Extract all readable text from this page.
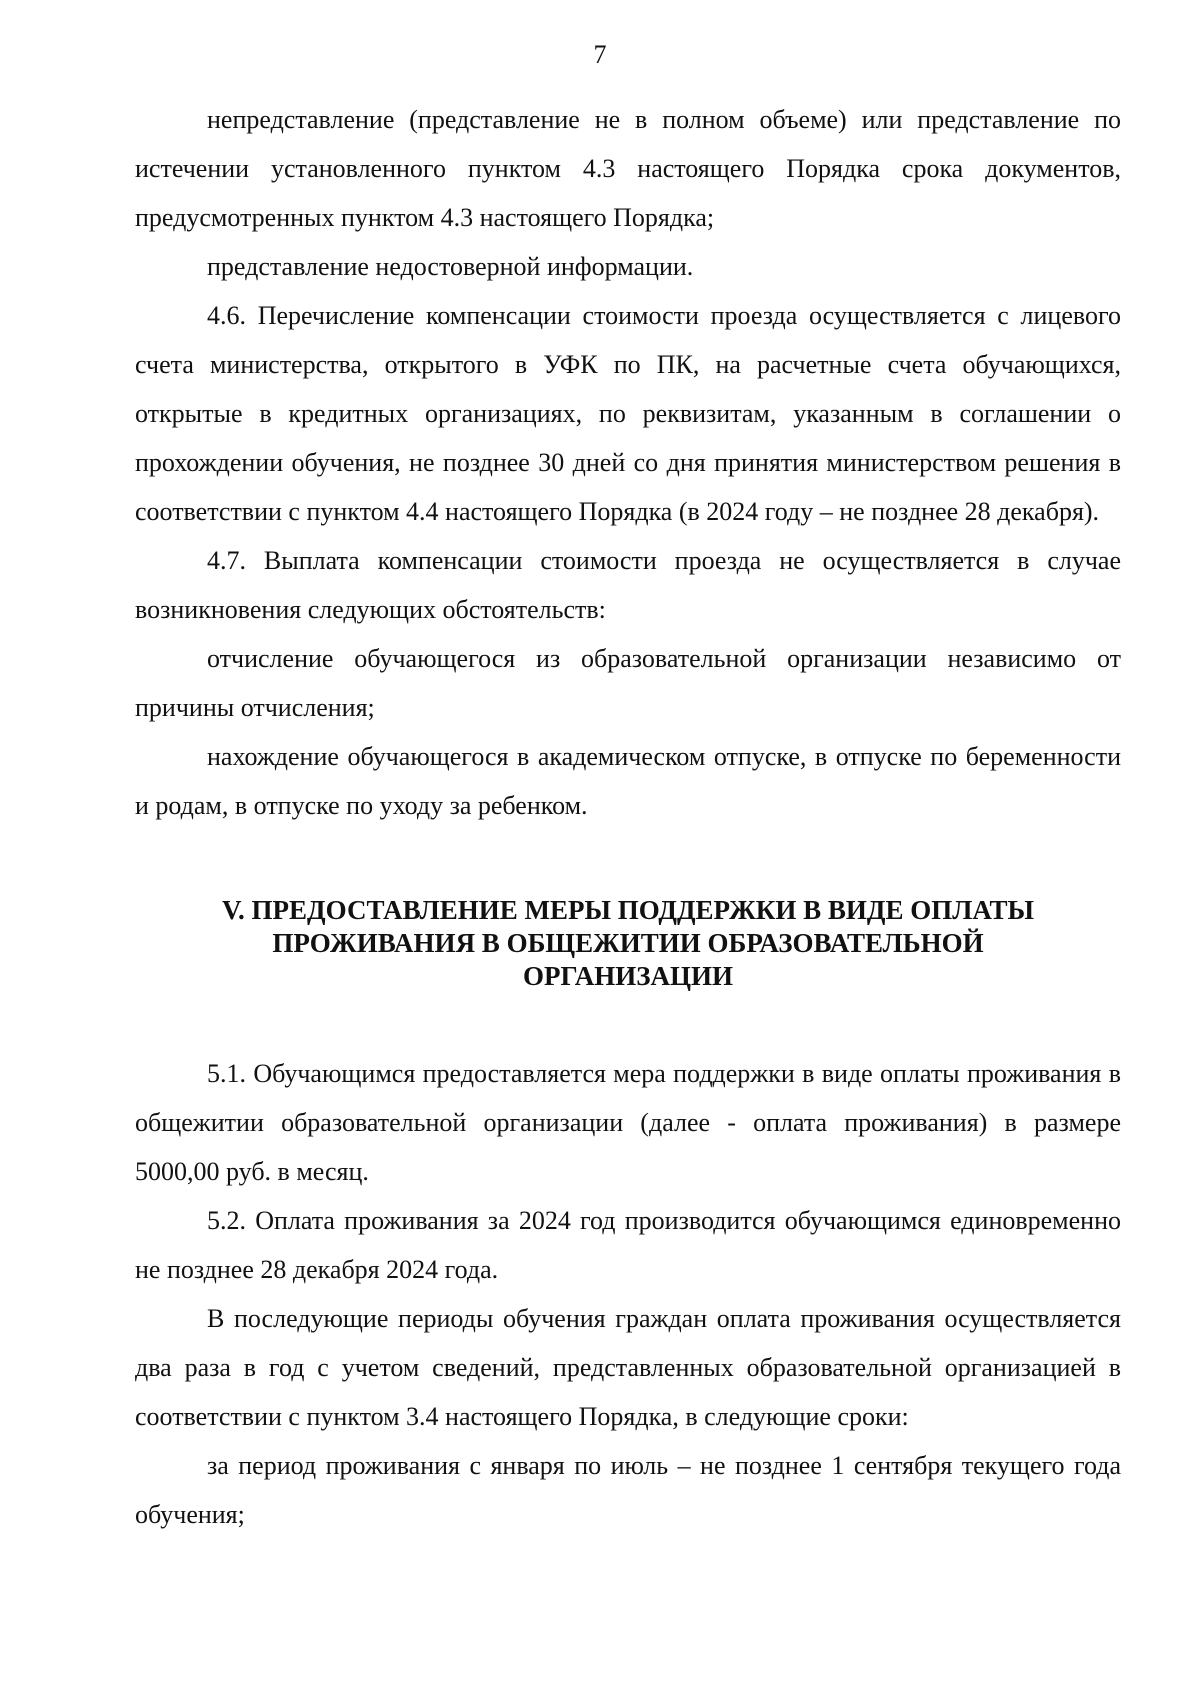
7

непредставление (представление не в полном объеме) или представление по истечении установленного пунктом 4.3 настоящего Порядка срока документов, предусмотренных пунктом 4.3 настоящего Порядка;

представление недостоверной информации.

4.6. Перечисление компенсации стоимости проезда осуществляется с лицевого счета министерства, открытого в УФК по ПК, на расчетные счета обучающихся, открытые в кредитных организациях, по реквизитам, указанным в соглашении о прохождении обучения, не позднее 30 дней со дня принятия министерством решения в соответствии с пунктом 4.4 настоящего Порядка (в 2024 году – не позднее 28 декабря).

4.7. Выплата компенсации стоимости проезда не осуществляется в случае возникновения следующих обстоятельств:

отчисление обучающегося из образовательной организации независимо от причины отчисления;

нахождение обучающегося в академическом отпуске, в отпуске по беременности и родам, в отпуске по уходу за ребенком.

V. ПРЕДОСТАВЛЕНИЕ МЕРЫ ПОДДЕРЖКИ В ВИДЕ ОПЛАТЫ
ПРОЖИВАНИЯ В ОБЩЕЖИТИИ ОБРАЗОВАТЕЛЬНОЙ
ОРГАНИЗАЦИИ

5.1. Обучающимся предоставляется мера поддержки в виде оплаты проживания в общежитии образовательной организации (далее - оплата проживания) в размере 5000,00 руб. в месяц.

5.2. Оплата проживания за 2024 год производится обучающимся единовременно не позднее 28 декабря 2024 года.

В последующие периоды обучения граждан оплата проживания осуществляется два раза в год с учетом сведений, представленных образовательной организацией в соответствии с пунктом 3.4 настоящего Порядка, в следующие сроки:

за период проживания с января по июль – не позднее 1 сентября текущего года обучения;
